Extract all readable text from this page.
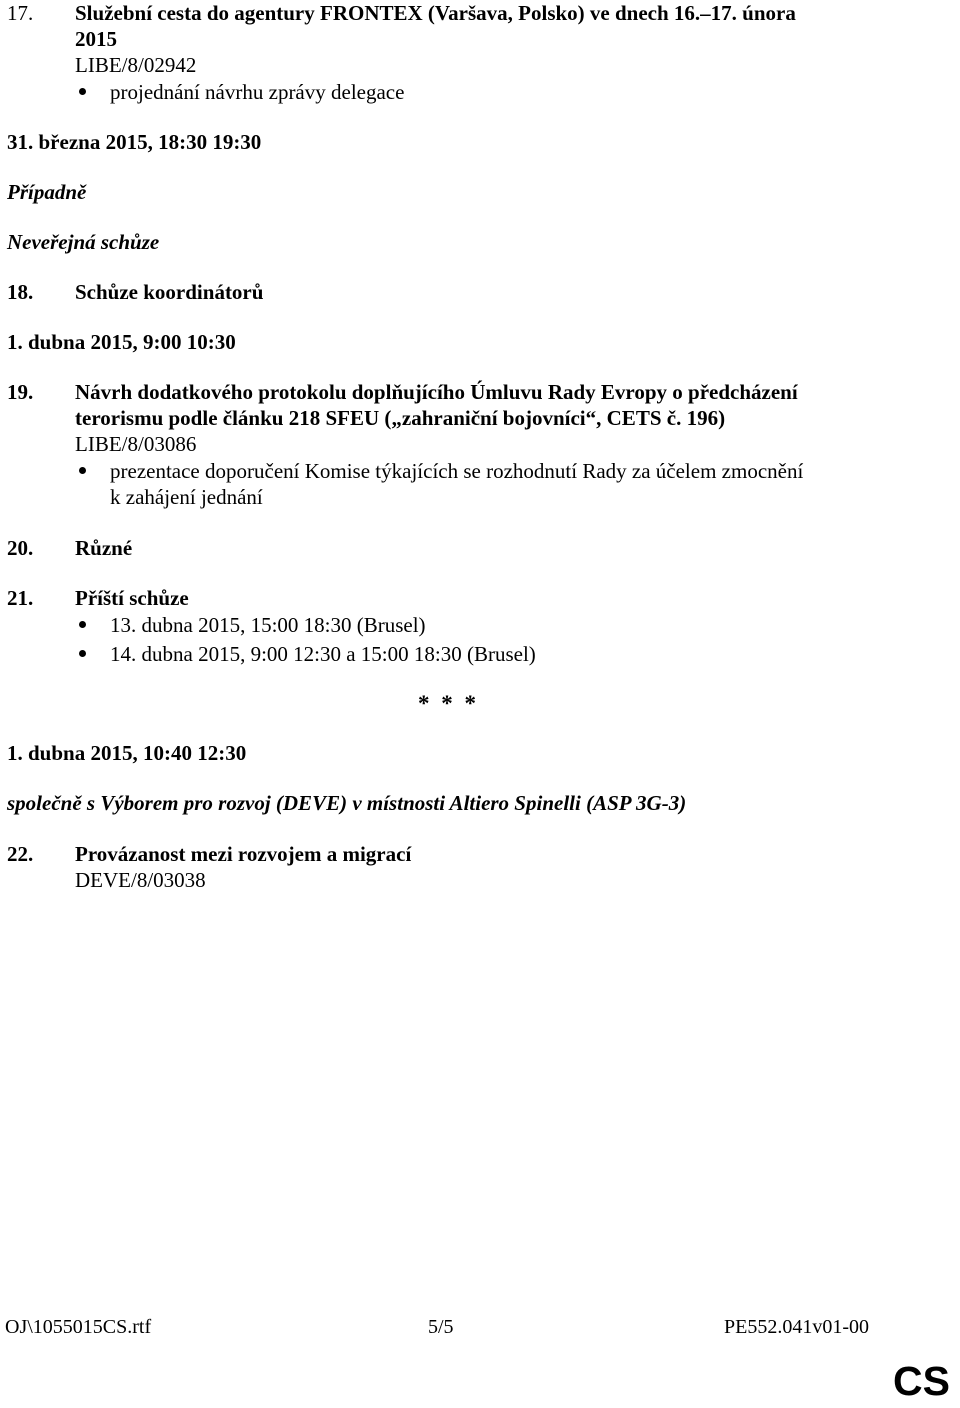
17. Služební cesta do agentury FRONTEX (Varšava, Polsko) ve dnech 16.–17. února
2015
LIBE/8/02942
projednání návrhu zprávy delegace
31. března 2015, 18:30 19:30
Případně
Neveřejná schůze
18. Schůze koordinátorů
1. dubna 2015, 9:00 10:30
19. Návrh dodatkového protokolu doplňujícího Úmluvu Rady Evropy o předcházení
terorismu podle článku 218 SFEU („zahraniční bojovníci“, CETS č. 196)
LIBE/8/03086
prezentace doporučení Komise týkajících se rozhodnutí Rady za účelem zmocnění
k zahájení jednání
20. Různé
21. Příští schůze
13. dubna 2015, 15:00 18:30 (Brusel)
14. dubna 2015, 9:00 12:30 a 15:00 18:30 (Brusel)
* * *
1. dubna 2015, 10:40 12:30
společně s Výborem pro rozvoj (DEVE) v místnosti Altiero Spinelli (ASP 3G-3)
22. Provázanost mezi rozvojem a migrací
DEVE/8/03038
OJ\1055015CS.rtf	5/5	PE552.041v01-00
CS
